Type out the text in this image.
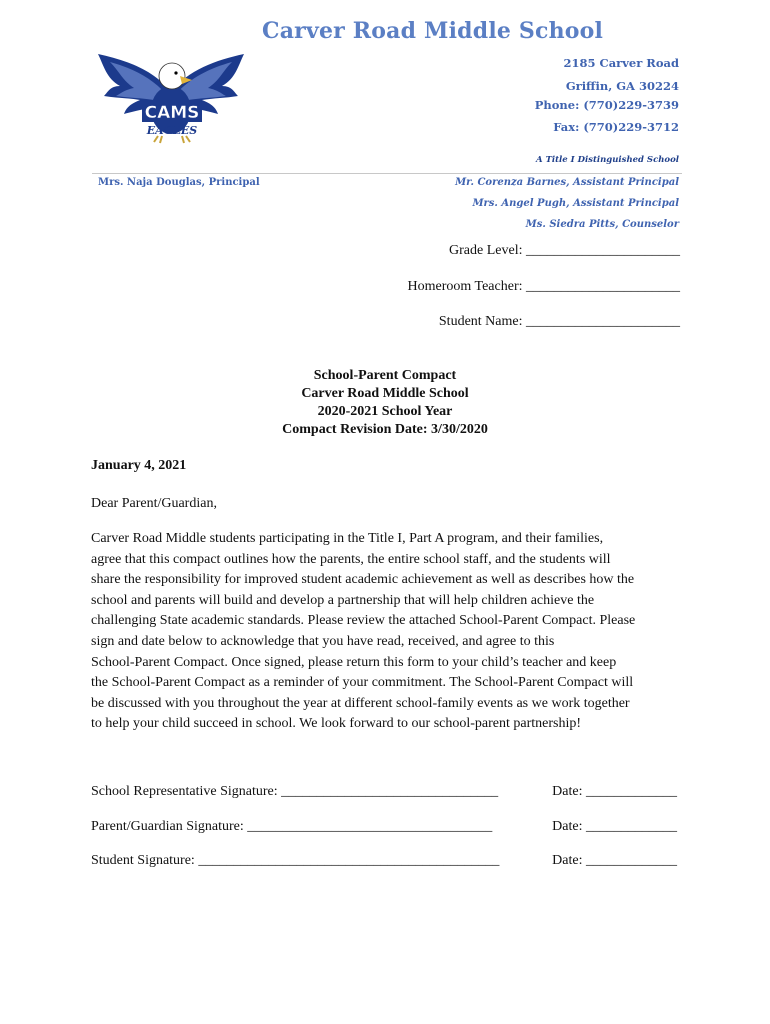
Carver Road Middle School
2185 Carver Road
Griffin, GA 30224
Phone: (770)229-3739
Fax: (770)229-3712
CAMS
EAGLES
A Title I Distinguished School
Mrs. Naja Douglas, Principal	Mr. Corenza Barnes, Assistant Principal
Mrs. Angel Pugh, Assistant Principal
Ms. Siedra Pitts, Counselor
Grade Level: ______________________
Homeroom Teacher: ______________________
Student Name: ______________________
School-Parent Compact
Carver Road Middle School
2020-2021 School Year
Compact Revision Date: 3/30/2020
January 4, 2021
Dear Parent/Guardian,
Carver Road Middle students participating in the Title I, Part A program, and their families,
agree that this compact outlines how the parents, the entire school staff, and the students will
share the responsibility for improved student academic achievement as well as describes how the
school and parents will build and develop a partnership that will help children achieve the
challenging State academic standards. Please review the attached School-Parent Compact. Please
sign and date below to acknowledge that you have read, received, and agree to this
School-Parent Compact. Once signed, please return this form to your child’s teacher and keep
the School-Parent Compact as a reminder of your commitment. The School-Parent Compact will
be discussed with you throughout the year at different school-family events as we work together
to help your child succeed in school. We look forward to our school-parent partnership!
School Representative Signature: _______________________________	Date: _____________
Parent/Guardian Signature: ___________________________________	Date: _____________
Student Signature: ___________________________________________	Date: _____________
